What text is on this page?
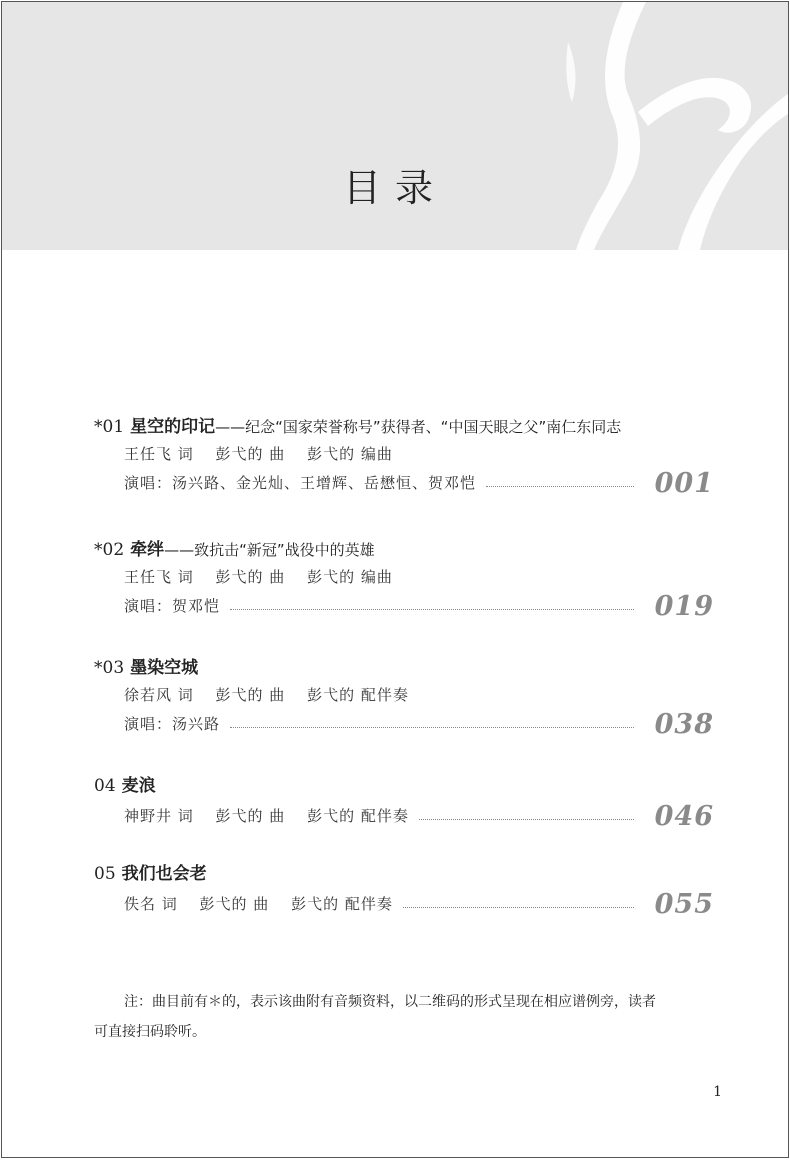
目录
*01 星空的印记——纪念“国家荣誉称号”获得者、“中国天眼之父”南仁东同志
王任飞 词　 彭弋的 曲　 彭弋的 编曲
演唱：汤兴路、金光灿、王增辉、岳懋恒、贺邓恺	001
*02 牵绊——致抗击“新冠”战役中的英雄
王任飞 词　 彭弋的 曲　 彭弋的 编曲
演唱：贺邓恺	019
*03 墨染空城
徐若风 词　 彭弋的 曲　 彭弋的 配伴奏
演唱：汤兴路	038
04 麦浪
神野井 词　 彭弋的 曲　 彭弋的 配伴奏	046
05 我们也会老
佚名 词　 彭弋的 曲　 彭弋的 配伴奏	055
注：曲目前有＊的，表示该曲附有音频资料，以二维码的形式呈现在相应谱例旁，读者
可直接扫码聆听。
1
